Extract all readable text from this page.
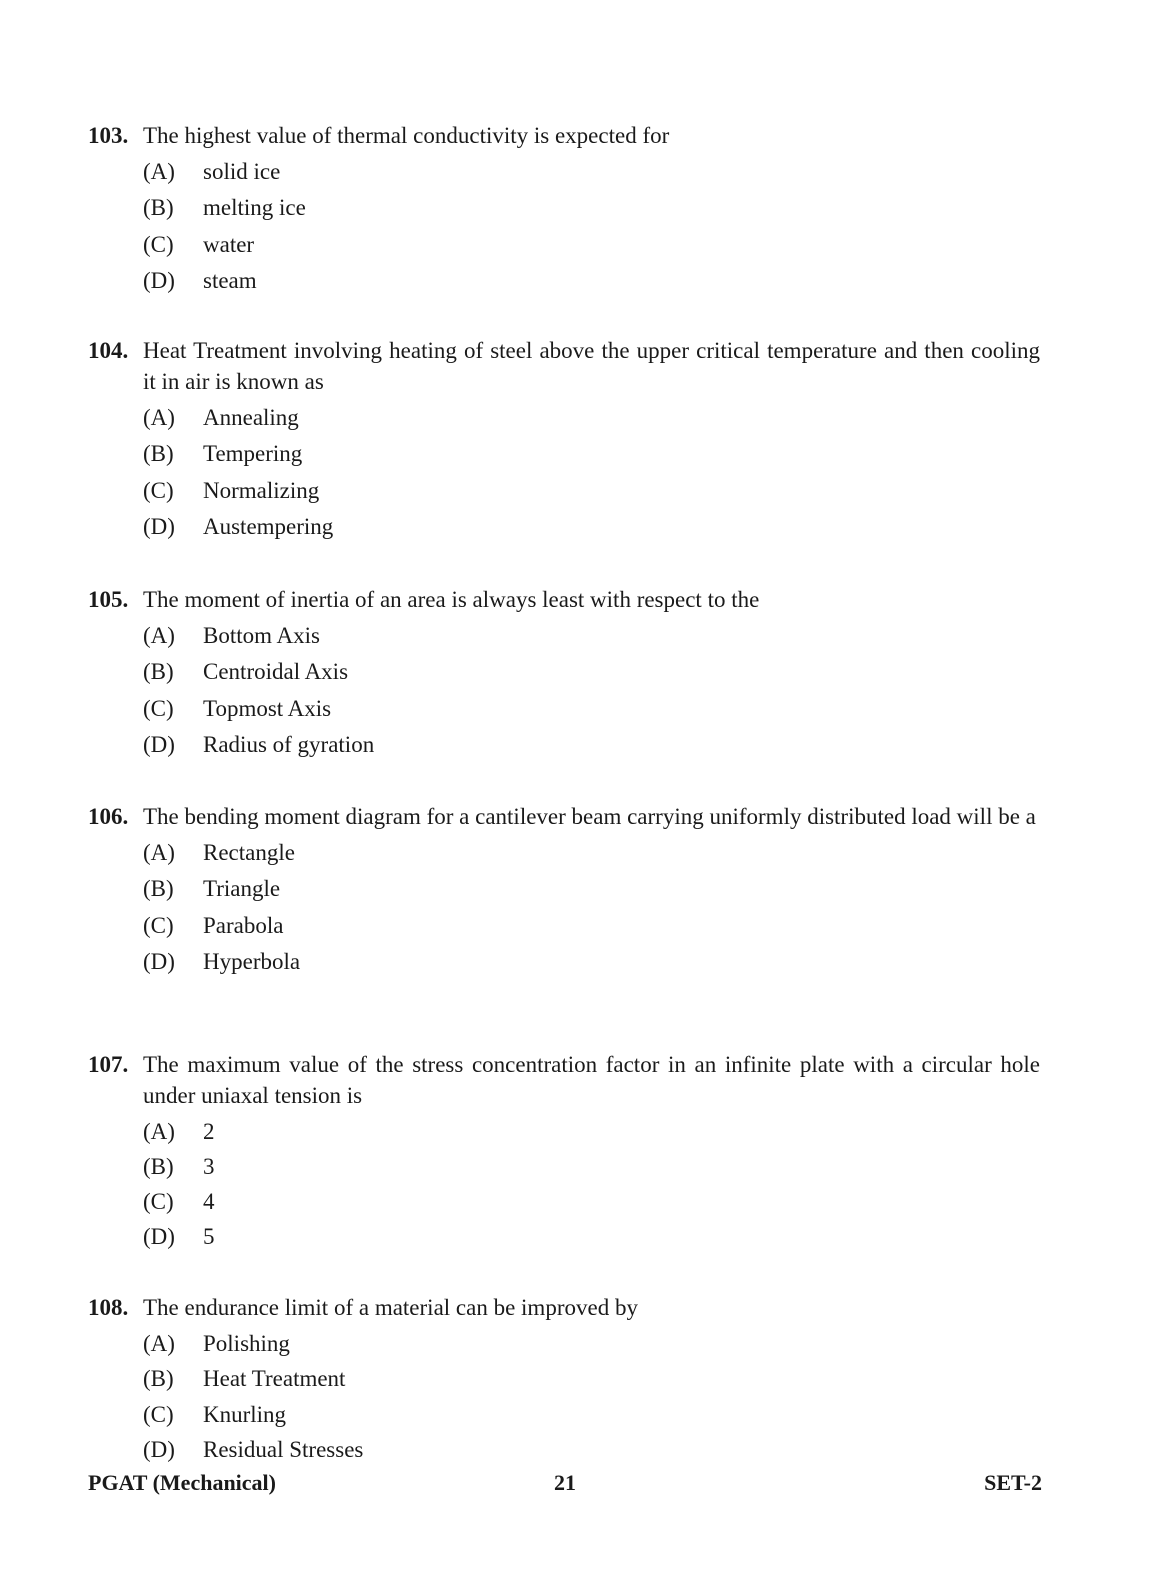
103. The highest value of thermal conductivity is expected for
(A)	solid ice
(B)	melting ice
(C)	water
(D)	steam
104. Heat Treatment involving heating of steel above the upper critical temperature and then cooling it in air is known as
(A)	Annealing
(B)	Tempering
(C)	Normalizing
(D)	Austempering
105. The moment of inertia of an area is always least with respect to the
(A)	Bottom Axis
(B)	Centroidal Axis
(C)	Topmost Axis
(D)	Radius of gyration
106. The bending moment diagram for a cantilever beam carrying uniformly distributed load will be a
(A)	Rectangle
(B)	Triangle
(C)	Parabola
(D)	Hyperbola
107. The maximum value of the stress concentration factor in an infinite plate with a circular hole under uniaxal tension is
(A)	2
(B)	3
(C)	4
(D)	5
108. The endurance limit of a material can be improved by
(A)	Polishing
(B)	Heat Treatment
(C)	Knurling
(D)	Residual Stresses
PGAT (Mechanical)	21	SET-2
